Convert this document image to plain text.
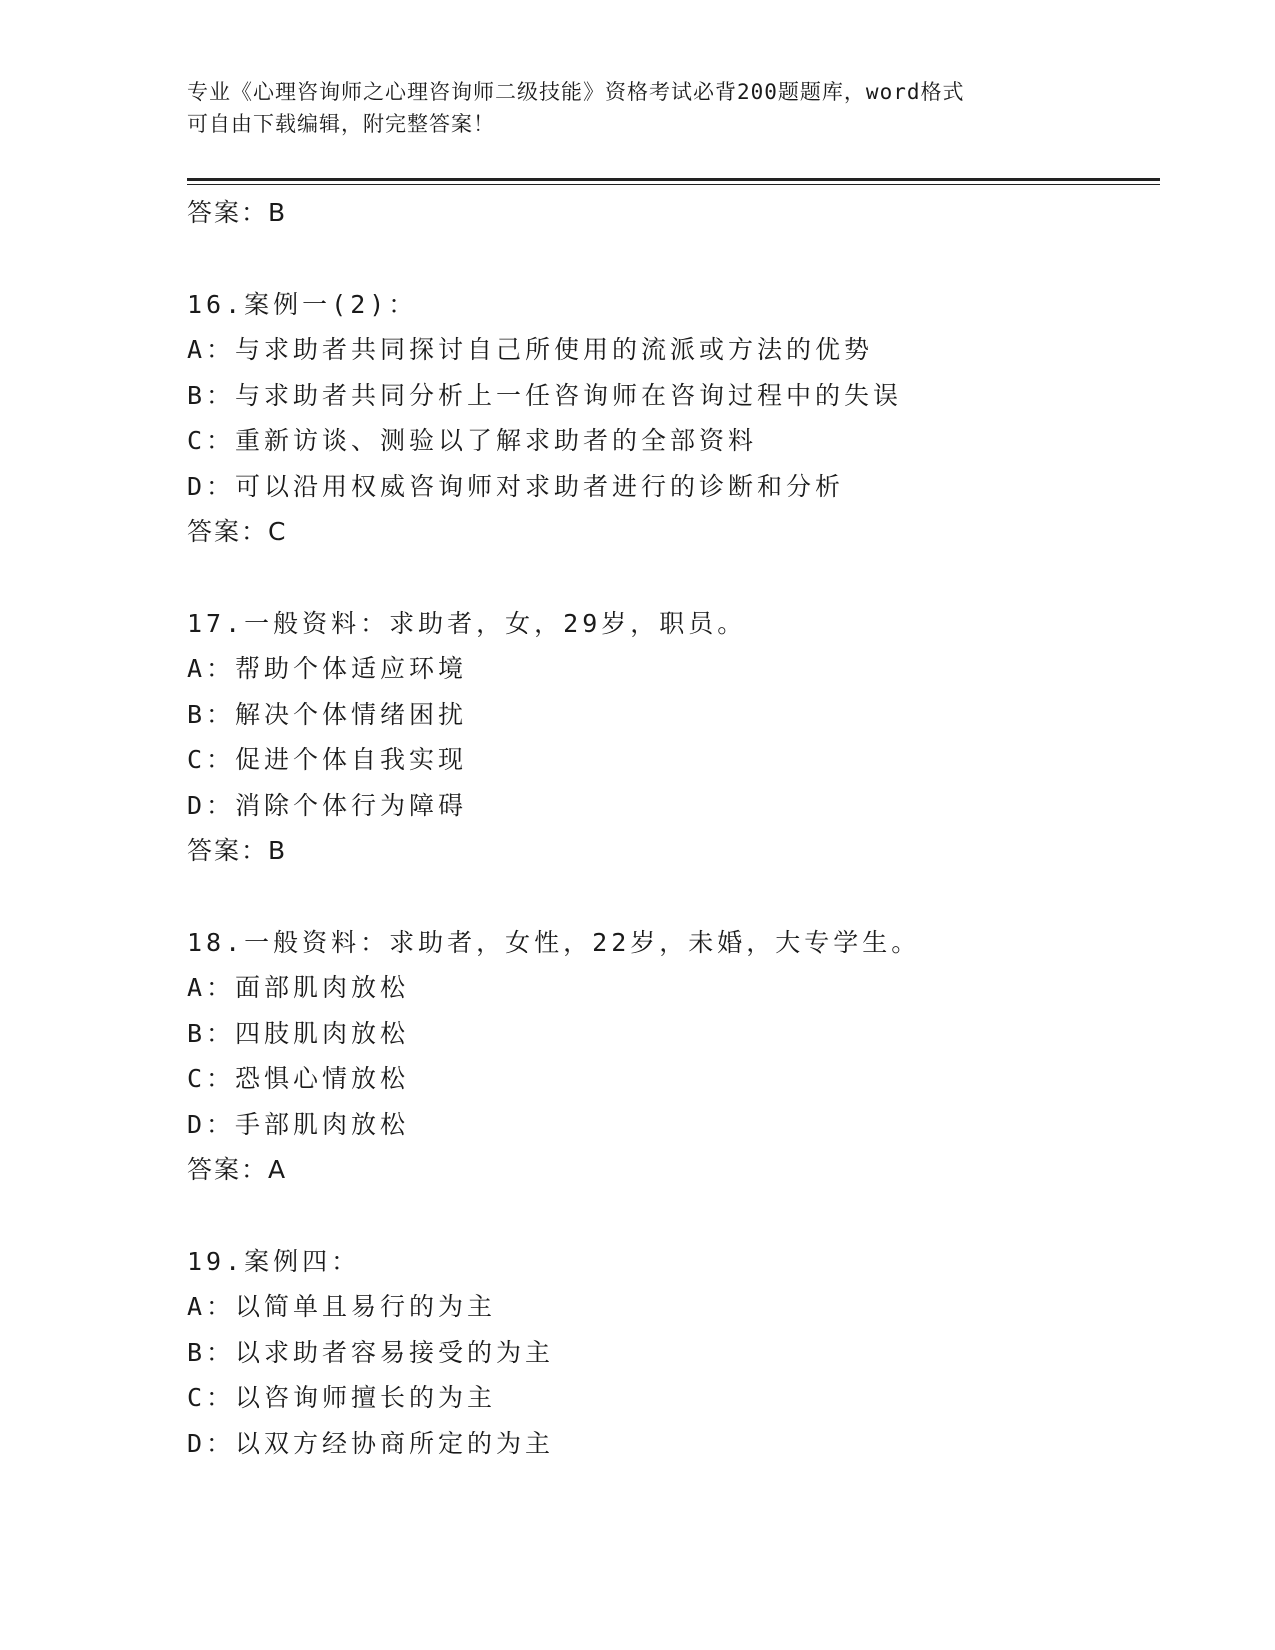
专业《心理咨询师之心理咨询师二级技能》资格考试必背200题题库，word格式
可自由下载编辑，附完整答案！
答案：B
16.案例一(2)：
A：与求助者共同探讨自己所使用的流派或方法的优势
B：与求助者共同分析上一任咨询师在咨询过程中的失误
C：重新访谈、测验以了解求助者的全部资料
D：可以沿用权威咨询师对求助者进行的诊断和分析
答案：C
17.一般资料：求助者，女，29岁，职员。
A：帮助个体适应环境
B：解决个体情绪困扰
C：促进个体自我实现
D：消除个体行为障碍
答案：B
18.一般资料：求助者，女性，22岁，未婚，大专学生。
A：面部肌肉放松
B：四肢肌肉放松
C：恐惧心情放松
D：手部肌肉放松
答案：A
19.案例四：
A：以简单且易行的为主
B：以求助者容易接受的为主
C：以咨询师擅长的为主
D：以双方经协商所定的为主
